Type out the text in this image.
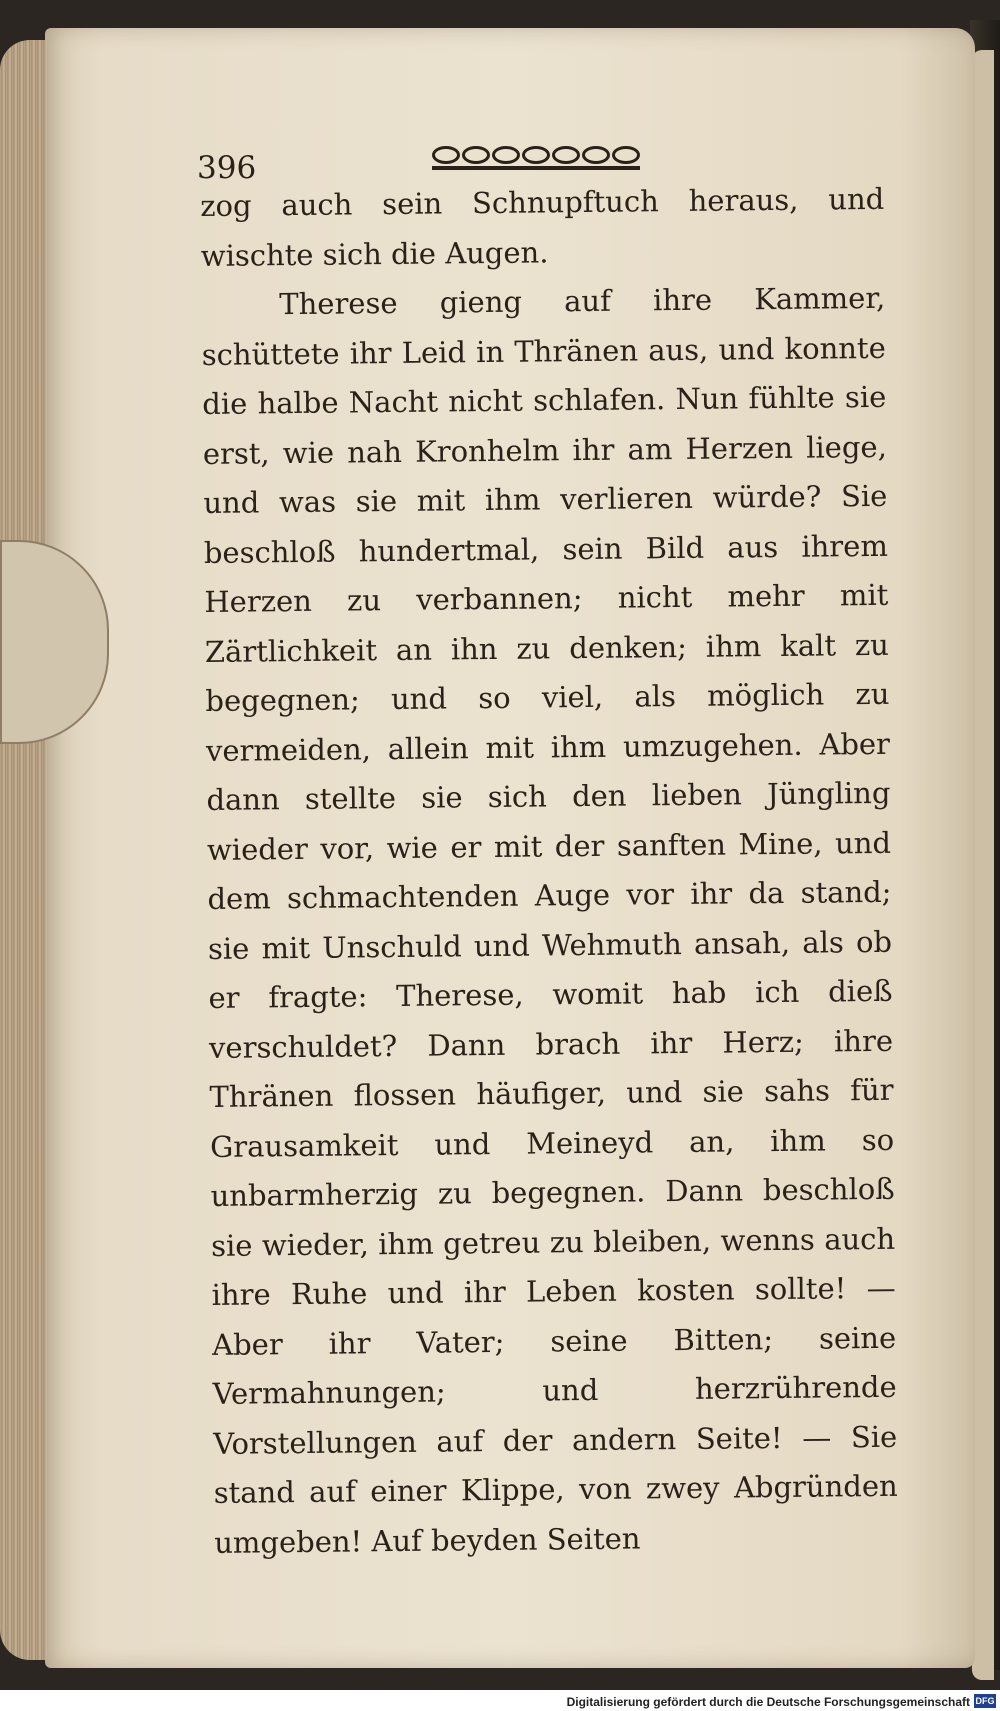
396

zog auch sein Schnupftuch heraus, und wischte sich die Augen.

Therese gieng auf ihre Kammer, schüttete ihr Leid in Thränen aus, und konnte die halbe Nacht nicht schlafen. Nun fühlte sie erst, wie nah Kronhelm ihr am Herzen liege, und was sie mit ihm verlieren würde? Sie beschloß hundertmal, sein Bild aus ihrem Herzen zu verbannen; nicht mehr mit Zärtlichkeit an ihn zu denken; ihm kalt zu begegnen; und so viel, als möglich zu vermeiden, allein mit ihm umzugehen. Aber dann stellte sie sich den lieben Jüngling wieder vor, wie er mit der sanften Mine, und dem schmachtenden Auge vor ihr da stand; sie mit Unschuld und Wehmuth ansah, als ob er fragte: Therese, womit hab ich dieß verschuldet? Dann brach ihr Herz; ihre Thränen flossen häufiger, und sie sahs für Grausamkeit und Meineyd an, ihm so unbarmherzig zu begegnen. Dann beschloß sie wieder, ihm getreu zu bleiben, wenns auch ihre Ruhe und ihr Leben kosten sollte! — Aber ihr Vater; seine Bitten; seine Vermahnungen; und herzrührende Vorstellungen auf der andern Seite! — Sie stand auf einer Klippe, von zwey Abgründen umgeben! Auf beyden Seiten

Digitalisierung gefördert durch die Deutsche Forschungsgemeinschaft DFG
